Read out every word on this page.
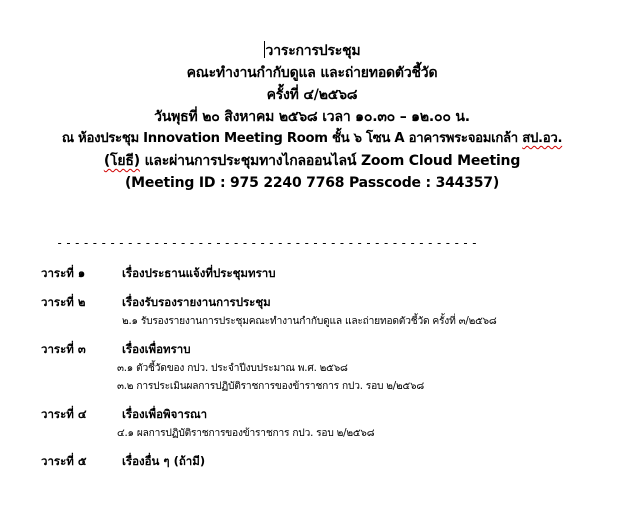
วาระการประชุม
คณะทำงานกำกับดูแล และถ่ายทอดตัวชี้วัด
ครั้งที่ ๔/๒๕๖๘
วันพุธที่ ๒๐ สิงหาคม ๒๕๖๘ เวลา ๑๐.๓๐ – ๑๒.๐๐ น.
ณ ห้องประชุม Innovation Meeting Room ชั้น ๖ โซน A อาคารพระจอมเกล้า สป.อว.
(โยธี) และผ่านการประชุมทางไกลออนไลน์ Zoom Cloud Meeting
(Meeting ID : 975 2240 7768 Passcode : 344357)
------------------------------------------------
วาระที่ ๑	เรื่องประธานแจ้งที่ประชุมทราบ
วาระที่ ๒	เรื่องรับรองรายงานการประชุม
๒.๑ รับรองรายงานการประชุมคณะทำงานกำกับดูแล และถ่ายทอดตัวชี้วัด ครั้งที่ ๓/๒๕๖๘
วาระที่ ๓	เรื่องเพื่อทราบ
๓.๑ ตัวชี้วัดของ กปว. ประจำปีงบประมาณ พ.ศ. ๒๕๖๘
๓.๒ การประเมินผลการปฏิบัติราชการของข้าราชการ กปว. รอบ ๒/๒๕๖๘
วาระที่ ๔	เรื่องเพื่อพิจารณา
๔.๑ ผลการปฏิบัติราชการของข้าราชการ กปว. รอบ ๒/๒๕๖๘
วาระที่ ๕	เรื่องอื่น ๆ (ถ้ามี)
